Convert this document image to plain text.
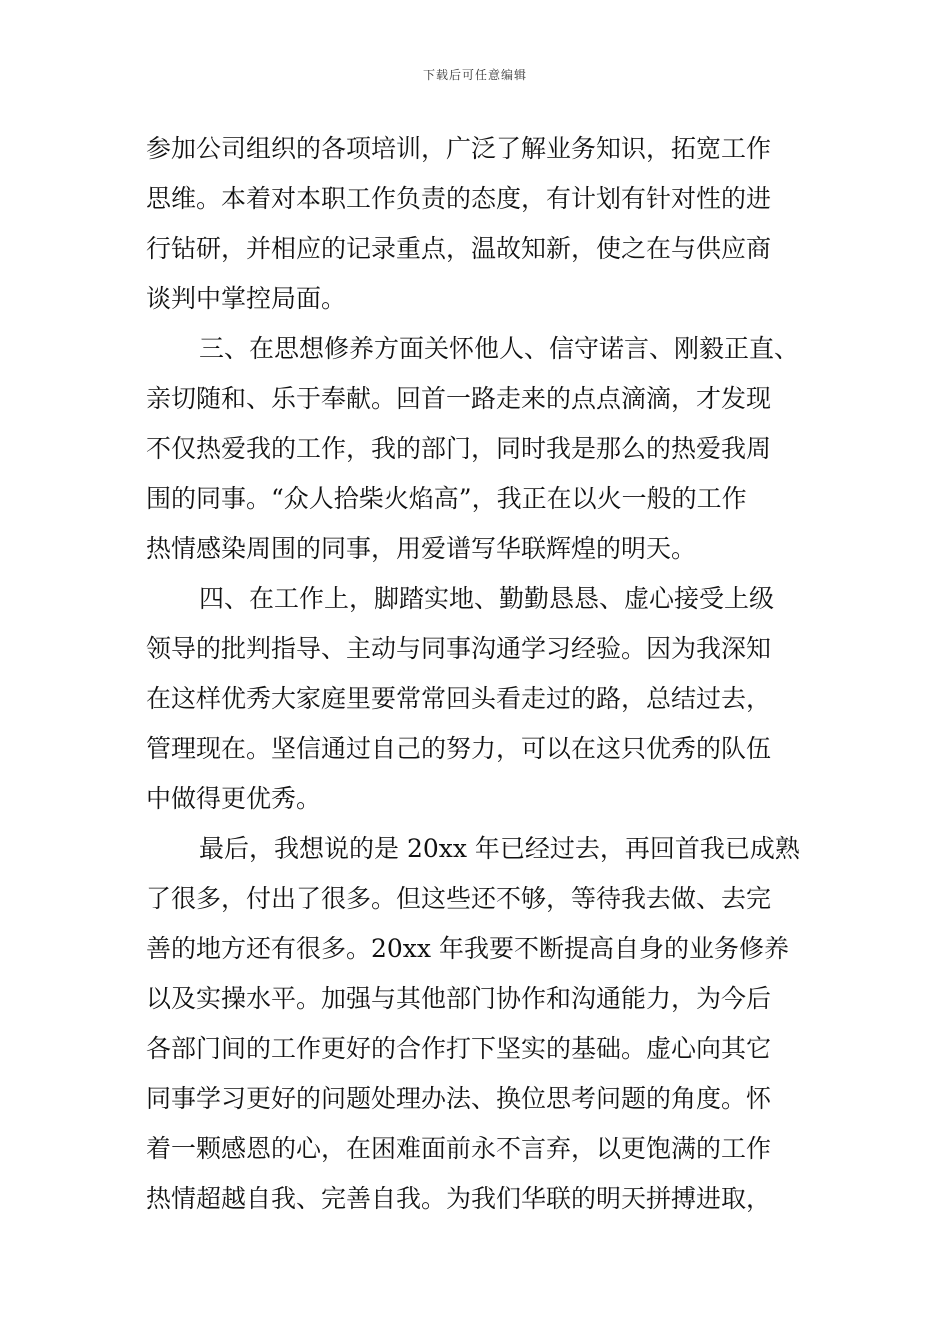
下载后可任意编辑
参加公司组织的各项培训，广泛了解业务知识，拓宽工作
思维。本着对本职工作负责的态度，有计划有针对性的进
行钻研，并相应的记录重点，温故知新，使之在与供应商
谈判中掌控局面。
三、在思想修养方面关怀他人、信守诺言、刚毅正直、
亲切随和、乐于奉献。回首一路走来的点点滴滴，才发现
不仅热爱我的工作，我的部门，同时我是那么的热爱我周
围的同事。“众人拾柴火焰高”，我正在以火一般的工作
热情感染周围的同事，用爱谱写华联辉煌的明天。
四、在工作上，脚踏实地、勤勤恳恳、虚心接受上级
领导的批判指导、主动与同事沟通学习经验。因为我深知
在这样优秀大家庭里要常常回头看走过的路，总结过去，
管理现在。坚信通过自己的努力，可以在这只优秀的队伍
中做得更优秀。
最后，我想说的是 20xx 年已经过去，再回首我已成熟
了很多，付出了很多。但这些还不够，等待我去做、去完
善的地方还有很多。20xx 年我要不断提高自身的业务修养
以及实操水平。加强与其他部门协作和沟通能力，为今后
各部门间的工作更好的合作打下坚实的基础。虚心向其它
同事学习更好的问题处理办法、换位思考问题的角度。怀
着一颗感恩的心，在困难面前永不言弃，以更饱满的工作
热情超越自我、完善自我。为我们华联的明天拼搏进取，
